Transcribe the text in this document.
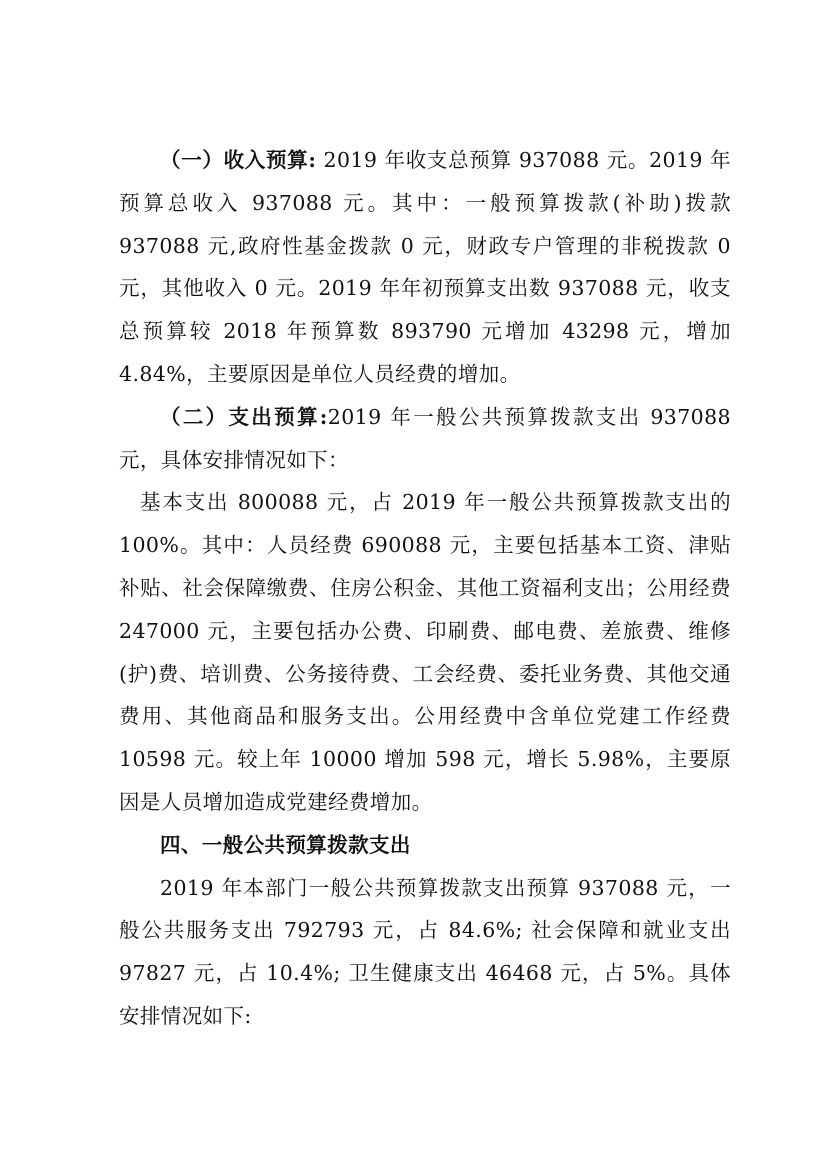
（一）收入预算: 2019 年收支总预算 937088 元。2019 年预算总收入 937088 元。其中：一般预算拨款(补助)拨款 937088 元,政府性基金拨款 0 元，财政专户管理的非税拨款 0 元，其他收入 0 元。2019 年年初预算支出数 937088 元，收支总预算较 2018 年预算数 893790 元增加 43298 元，增加 4.84%，主要原因是单位人员经费的增加。

（二）支出预算:2019 年一般公共预算拨款支出 937088 元，具体安排情况如下：

基本支出 800088 元，占 2019 年一般公共预算拨款支出的 100%。其中：人员经费 690088 元，主要包括基本工资、津贴补贴、社会保障缴费、住房公积金、其他工资福利支出；公用经费 247000 元，主要包括办公费、印刷费、邮电费、差旅费、维修(护)费、培训费、公务接待费、工会经费、委托业务费、其他交通费用、其他商品和服务支出。公用经费中含单位党建工作经费 10598 元。较上年 10000 增加 598 元，增长 5.98%，主要原因是人员增加造成党建经费增加。

四、一般公共预算拨款支出

2019 年本部门一般公共预算拨款支出预算 937088 元，一般公共服务支出 792793 元，占 84.6%; 社会保障和就业支出 97827 元，占 10.4%; 卫生健康支出 46468 元，占 5%。具体安排情况如下:
